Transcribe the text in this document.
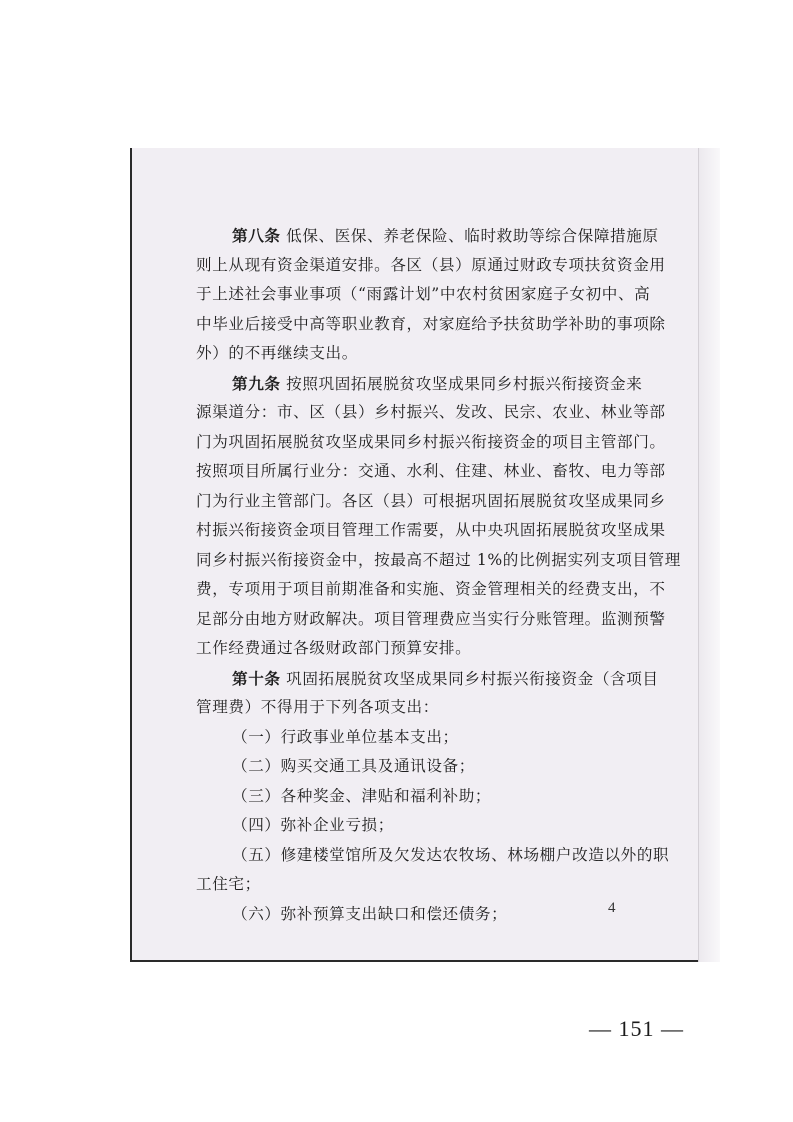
第八条 低保、医保、养老保险、临时救助等综合保障措施原
则上从现有资金渠道安排。各区（县）原通过财政专项扶贫资金用
于上述社会事业事项（“雨露计划”中农村贫困家庭子女初中、高
中毕业后接受中高等职业教育，对家庭给予扶贫助学补助的事项除
外）的不再继续支出。
第九条 按照巩固拓展脱贫攻坚成果同乡村振兴衔接资金来
源渠道分：市、区（县）乡村振兴、发改、民宗、农业、林业等部
门为巩固拓展脱贫攻坚成果同乡村振兴衔接资金的项目主管部门。
按照项目所属行业分：交通、水利、住建、林业、畜牧、电力等部
门为行业主管部门。各区（县）可根据巩固拓展脱贫攻坚成果同乡
村振兴衔接资金项目管理工作需要，从中央巩固拓展脱贫攻坚成果
同乡村振兴衔接资金中，按最高不超过 1%的比例据实列支项目管理
费，专项用于项目前期准备和实施、资金管理相关的经费支出，不
足部分由地方财政解决。项目管理费应当实行分账管理。监测预警
工作经费通过各级财政部门预算安排。
第十条 巩固拓展脱贫攻坚成果同乡村振兴衔接资金（含项目
管理费）不得用于下列各项支出：
（一）行政事业单位基本支出；
（二）购买交通工具及通讯设备；
（三）各种奖金、津贴和福利补助；
（四）弥补企业亏损；
（五）修建楼堂馆所及欠发达农牧场、林场棚户改造以外的职
工住宅；
（六）弥补预算支出缺口和偿还债务；	4
— 151 —
